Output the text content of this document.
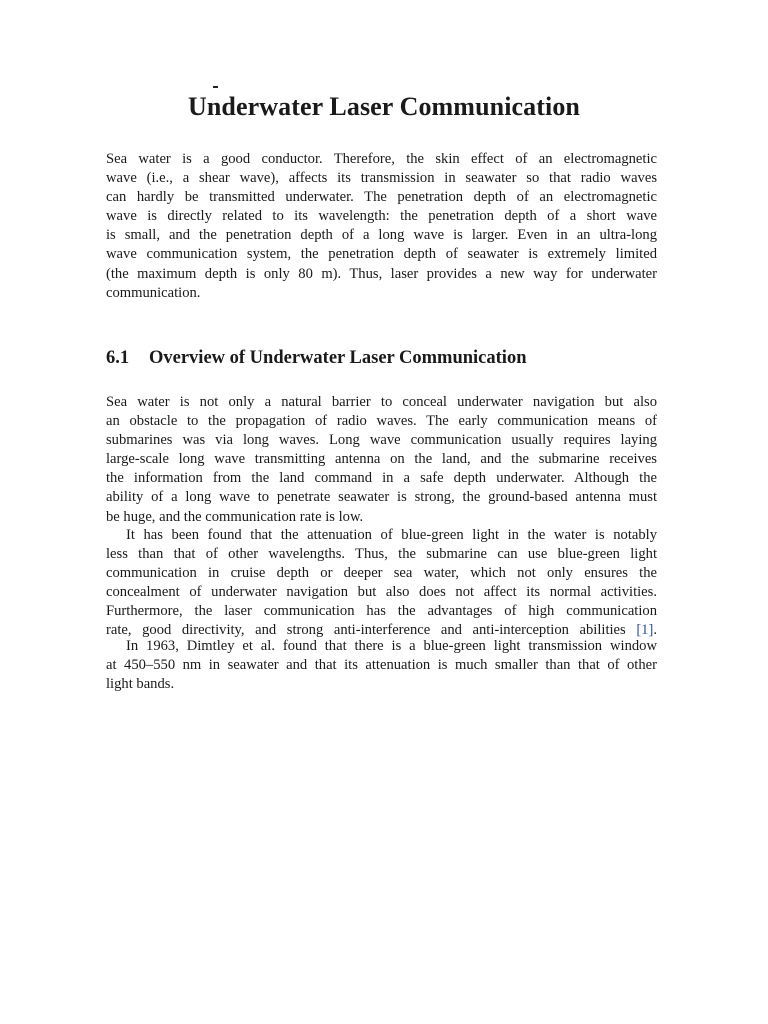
Underwater Laser Communication

Sea water is a good conductor. Therefore, the skin effect of an electromagnetic
wave (i.e., a shear wave), affects its transmission in seawater so that radio waves
can hardly be transmitted underwater. The penetration depth of an electromagnetic
wave is directly related to its wavelength: the penetration depth of a short wave
is small, and the penetration depth of a long wave is larger. Even in an ultra-long
wave communication system, the penetration depth of seawater is extremely limited
(the maximum depth is only 80 m). Thus, laser provides a new way for underwater
communication.

6.1 Overview of Underwater Laser Communication

Sea water is not only a natural barrier to conceal underwater navigation but also
an obstacle to the propagation of radio waves. The early communication means of
submarines was via long waves. Long wave communication usually requires laying
large-scale long wave transmitting antenna on the land, and the submarine receives
the information from the land command in a safe depth underwater. Although the
ability of a long wave to penetrate seawater is strong, the ground-based antenna must
be huge, and the communication rate is low.

It has been found that the attenuation of blue-green light in the water is notably
less than that of other wavelengths. Thus, the submarine can use blue-green light
communication in cruise depth or deeper sea water, which not only ensures the
concealment of underwater navigation but also does not affect its normal activities.
Furthermore, the laser communication has the advantages of high communication
rate, good directivity, and strong anti-interference and anti-interception abilities [1].

In 1963, Dimtley et al. found that there is a blue-green light transmission window
at 450–550 nm in seawater and that its attenuation is much smaller than that of other
light bands.
